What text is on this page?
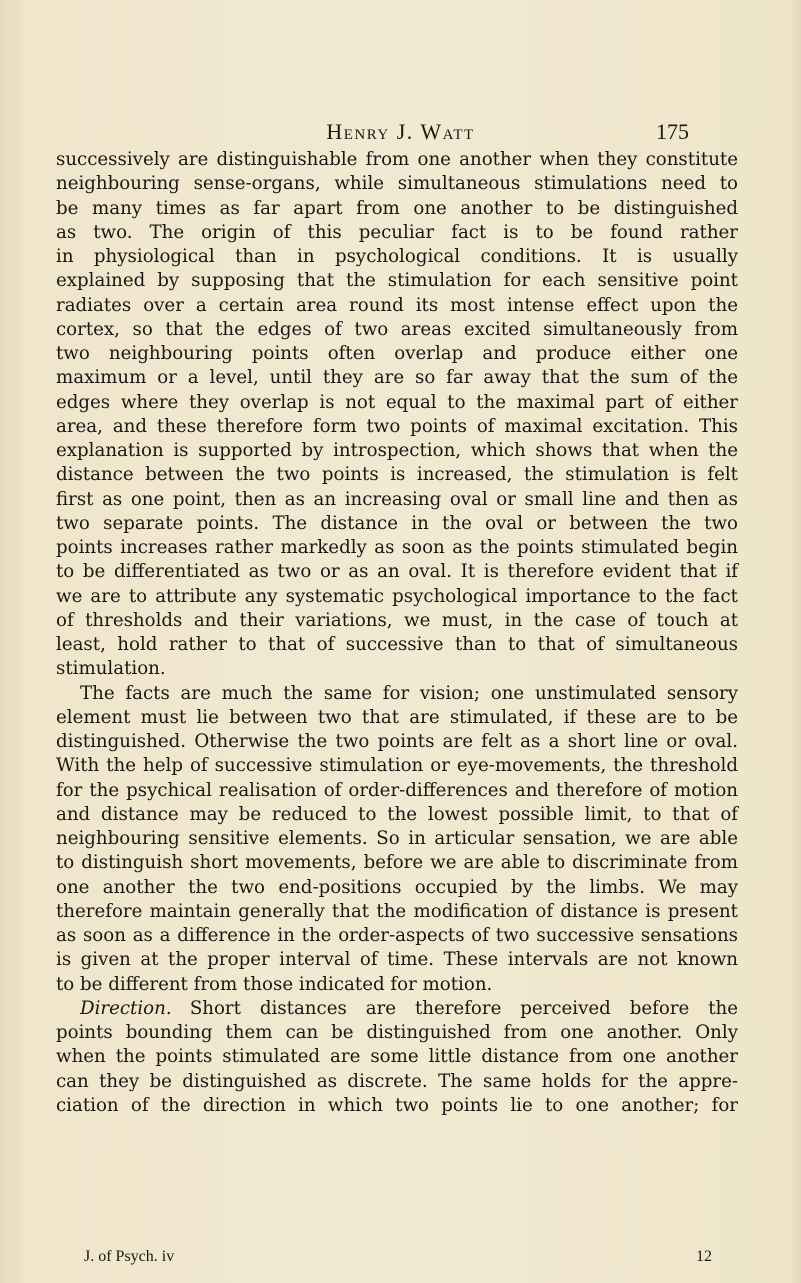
Henry J. Watt	175
successively are distinguishable from one another when they constitute
neighbouring sense-organs, while simultaneous stimulations need to
be many times as far apart from one another to be distinguished
as two. The origin of this peculiar fact is to be found rather
in physiological than in psychological conditions. It is usually
explained by supposing that the stimulation for each sensitive point
radiates over a certain area round its most intense effect upon the
cortex, so that the edges of two areas excited simultaneously from
two neighbouring points often overlap and produce either one
maximum or a level, until they are so far away that the sum of the
edges where they overlap is not equal to the maximal part of either
area, and these therefore form two points of maximal excitation. This
explanation is supported by introspection, which shows that when the
distance between the two points is increased, the stimulation is felt
first as one point, then as an increasing oval or small line and then as
two separate points. The distance in the oval or between the two
points increases rather markedly as soon as the points stimulated begin
to be differentiated as two or as an oval. It is therefore evident that if
we are to attribute any systematic psychological importance to the fact
of thresholds and their variations, we must, in the case of touch at
least, hold rather to that of successive than to that of simultaneous
stimulation.
The facts are much the same for vision; one unstimulated sensory
element must lie between two that are stimulated, if these are to be
distinguished. Otherwise the two points are felt as a short line or oval.
With the help of successive stimulation or eye-movements, the threshold
for the psychical realisation of order-differences and therefore of motion
and distance may be reduced to the lowest possible limit, to that of
neighbouring sensitive elements. So in articular sensation, we are able
to distinguish short movements, before we are able to discriminate from
one another the two end-positions occupied by the limbs. We may
therefore maintain generally that the modification of distance is present
as soon as a difference in the order-aspects of two successive sensations
is given at the proper interval of time. These intervals are not known
to be different from those indicated for motion.
Direction.  Short distances are therefore perceived before the
points bounding them can be distinguished from one another. Only
when the points stimulated are some little distance from one another
can they be distinguished as discrete. The same holds for the appre-
ciation of the direction in which two points lie to one another; for
J. of Psych. iv	12
